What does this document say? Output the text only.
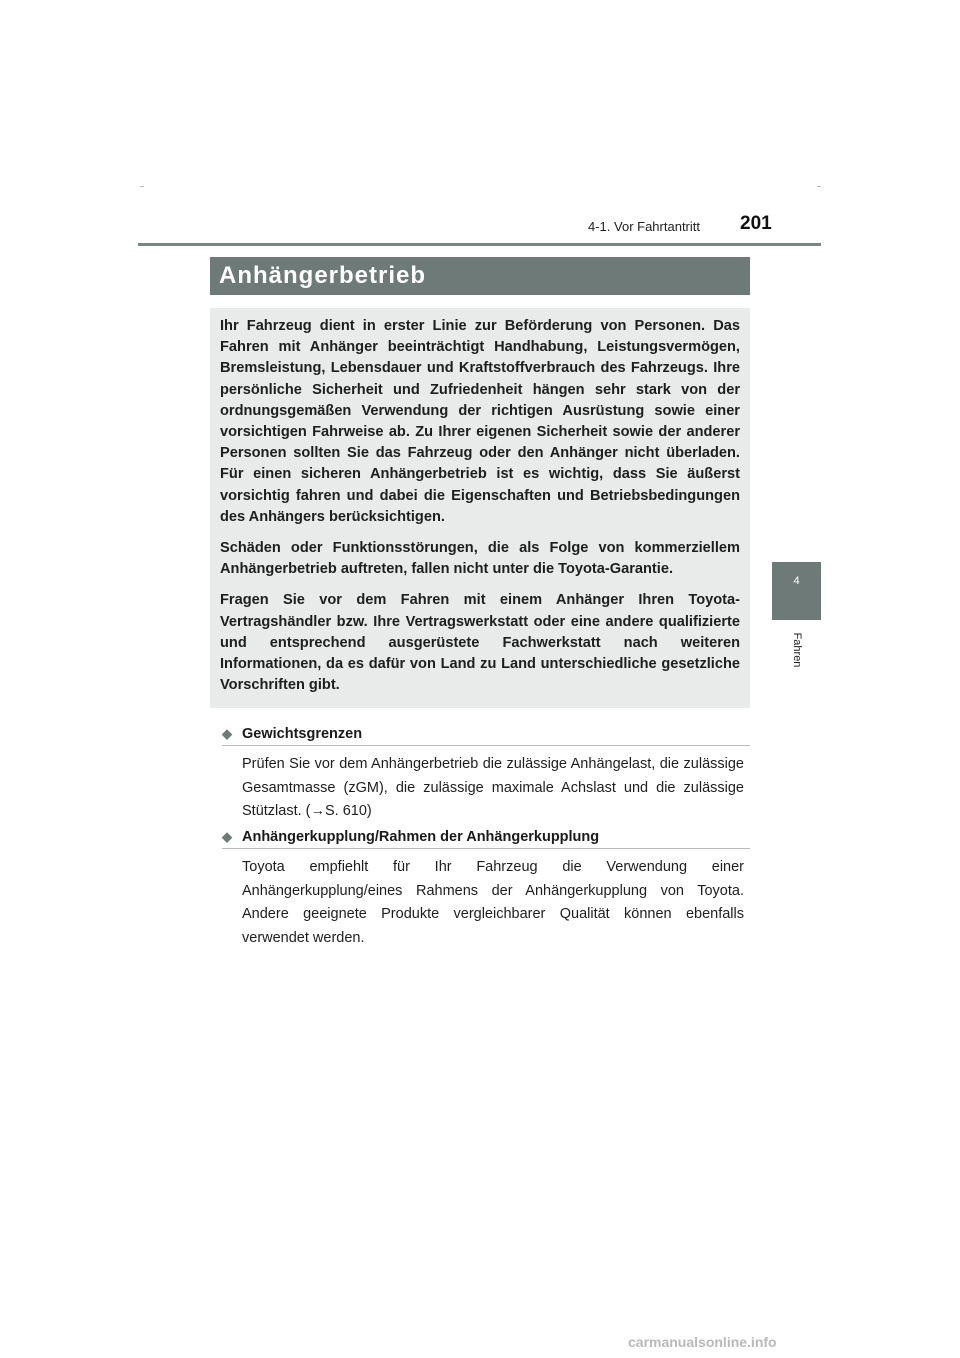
4-1. Vor Fahrtantritt 201
4
Fahren
Anhängerbetrieb

Ihr Fahrzeug dient in erster Linie zur Beförderung von Personen. Das Fahren mit Anhänger beeinträchtigt Handhabung, Leistungsvermögen, Bremsleistung, Lebensdauer und Kraftstoffverbrauch des Fahrzeugs. Ihre persönliche Sicherheit und Zufriedenheit hängen sehr stark von der ordnungsgemäßen Verwendung der richtigen Ausrüstung sowie einer vorsichtigen Fahrweise ab. Zu Ihrer eigenen Sicherheit sowie der anderer Personen sollten Sie das Fahrzeug oder den Anhänger nicht überladen. Für einen sicheren Anhängerbetrieb ist es wichtig, dass Sie äußerst vorsichtig fahren und dabei die Eigenschaften und Betriebsbedingungen des Anhängers berücksichtigen.

Schäden oder Funktionsstörungen, die als Folge von kommerziellem Anhängerbetrieb auftreten, fallen nicht unter die Toyota-Garantie.

Fragen Sie vor dem Fahren mit einem Anhänger Ihren Toyota-Vertragshändler bzw. Ihre Vertragswerkstatt oder eine andere qualifizierte und entsprechend ausgerüstete Fachwerkstatt nach weiteren Informationen, da es dafür von Land zu Land unterschiedliche gesetzliche Vorschriften gibt.

◆ Gewichtsgrenzen

Prüfen Sie vor dem Anhängerbetrieb die zulässige Anhängelast, die zulässige Gesamtmasse (zGM), die zulässige maximale Achslast und die zulässige Stützlast. (→S. 610)

◆ Anhängerkupplung/Rahmen der Anhängerkupplung

Toyota empfiehlt für Ihr Fahrzeug die Verwendung einer Anhängerkupplung/eines Rahmens der Anhängerkupplung von Toyota. Andere geeignete Produkte vergleichbarer Qualität können ebenfalls verwendet werden.

carmanualsonline.info
